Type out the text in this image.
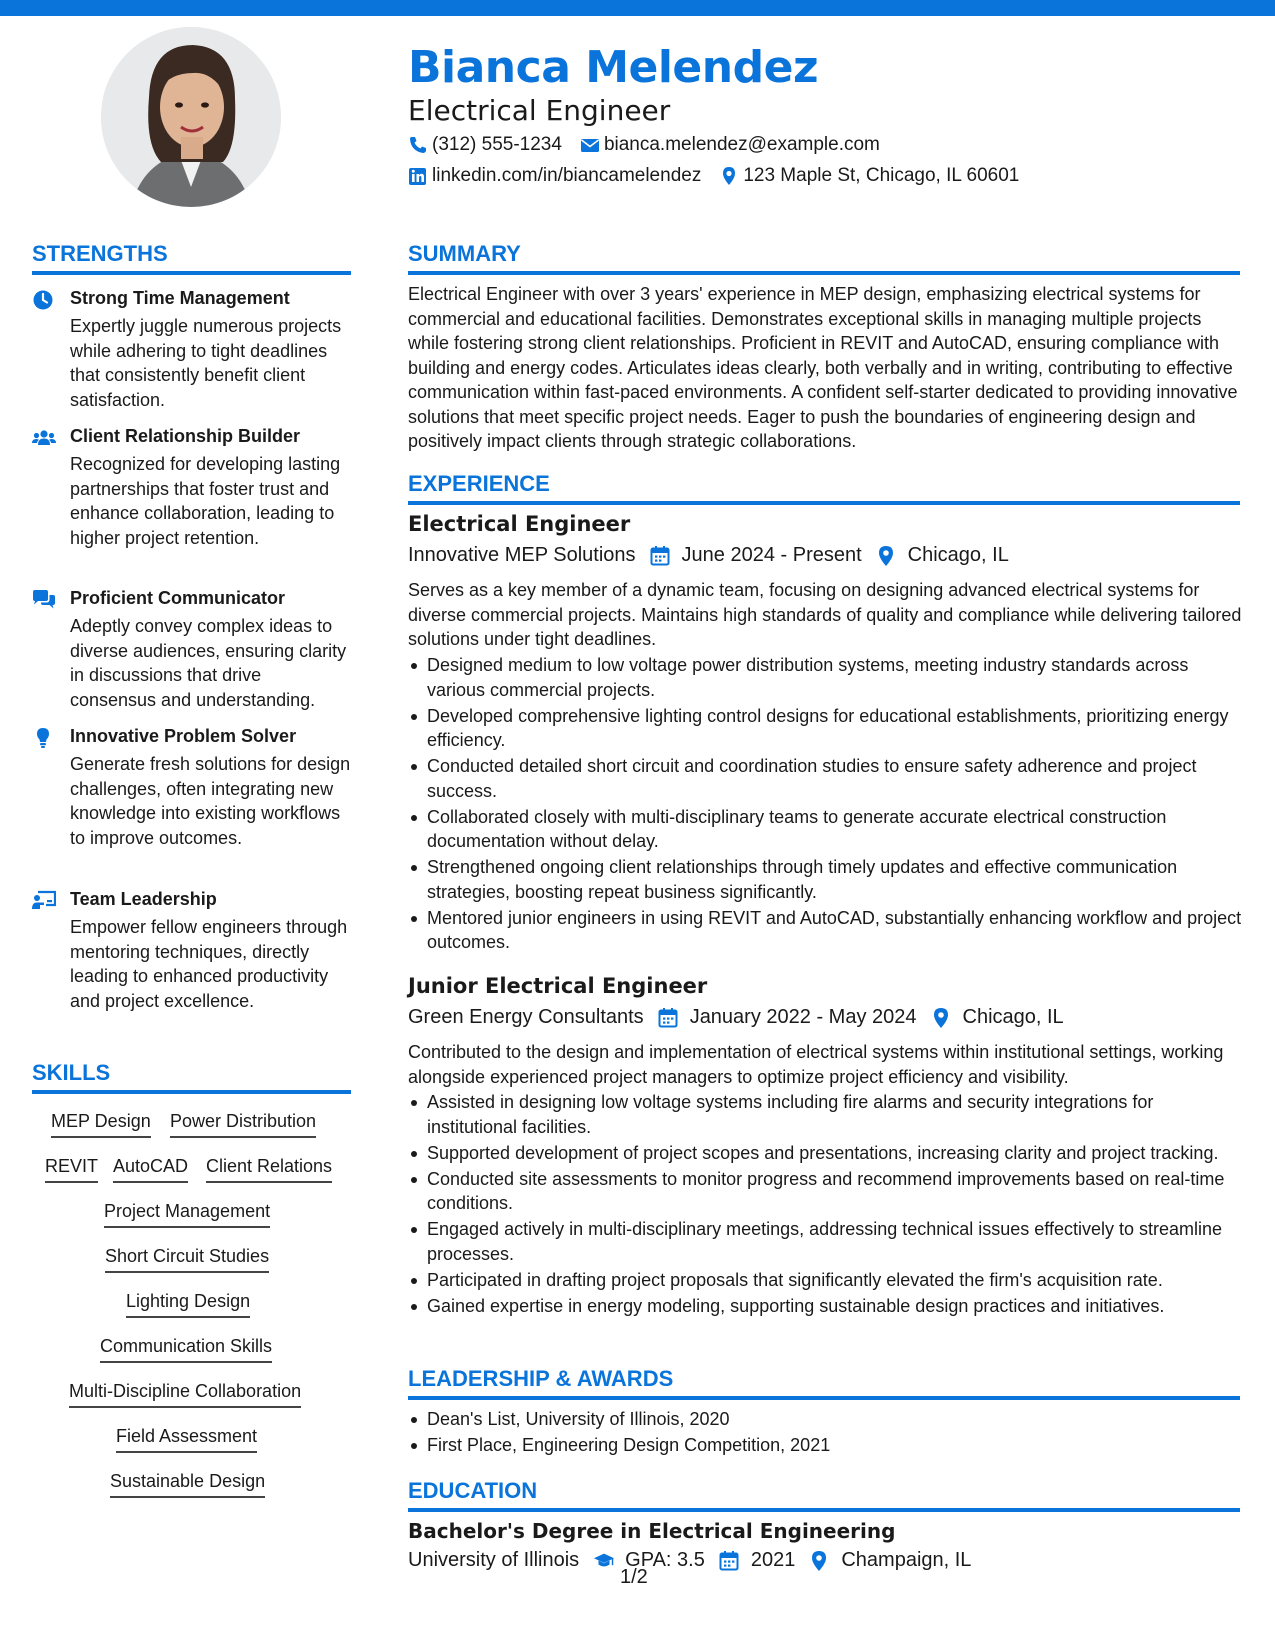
Bianca Melendez
Electrical Engineer
(312) 555-1234 bianca.melendez@example.com
linkedin.com/in/biancamelendez 123 Maple St, Chicago, IL 60601
STRENGTHS
Strong Time Management
Expertly juggle numerous projects while adhering to tight deadlines that consistently benefit client satisfaction.
Client Relationship Builder
Recognized for developing lasting partnerships that foster trust and enhance collaboration, leading to higher project retention.
Proficient Communicator
Adeptly convey complex ideas to diverse audiences, ensuring clarity in discussions that drive consensus and understanding.
Innovative Problem Solver
Generate fresh solutions for design challenges, often integrating new knowledge into existing workflows to improve outcomes.
Team Leadership
Empower fellow engineers through mentoring techniques, directly leading to enhanced productivity and project excellence.
SKILLS
MEP Design Power Distribution
REVIT AutoCAD Client Relations
Project Management
Short Circuit Studies
Lighting Design
Communication Skills
Multi-Discipline Collaboration
Field Assessment
Sustainable Design
SUMMARY
Electrical Engineer with over 3 years' experience in MEP design, emphasizing electrical systems for commercial and educational facilities. Demonstrates exceptional skills in managing multiple projects while fostering strong client relationships. Proficient in REVIT and AutoCAD, ensuring compliance with building and energy codes. Articulates ideas clearly, both verbally and in writing, contributing to effective communication within fast-paced environments. A confident self-starter dedicated to providing innovative solutions that meet specific project needs. Eager to push the boundaries of engineering design and positively impact clients through strategic collaborations.
EXPERIENCE
Electrical Engineer
Innovative MEP Solutions June 2024 - Present Chicago, IL
Serves as a key member of a dynamic team, focusing on designing advanced electrical systems for diverse commercial projects. Maintains high standards of quality and compliance while delivering tailored solutions under tight deadlines.
Designed medium to low voltage power distribution systems, meeting industry standards across various commercial projects.
Developed comprehensive lighting control designs for educational establishments, prioritizing energy efficiency.
Conducted detailed short circuit and coordination studies to ensure safety adherence and project success.
Collaborated closely with multi-disciplinary teams to generate accurate electrical construction documentation without delay.
Strengthened ongoing client relationships through timely updates and effective communication strategies, boosting repeat business significantly.
Mentored junior engineers in using REVIT and AutoCAD, substantially enhancing workflow and project outcomes.
Junior Electrical Engineer
Green Energy Consultants January 2022 - May 2024 Chicago, IL
Contributed to the design and implementation of electrical systems within institutional settings, working alongside experienced project managers to optimize project efficiency and visibility.
Assisted in designing low voltage systems including fire alarms and security integrations for institutional facilities.
Supported development of project scopes and presentations, increasing clarity and project tracking.
Conducted site assessments to monitor progress and recommend improvements based on real-time conditions.
Engaged actively in multi-disciplinary meetings, addressing technical issues effectively to streamline processes.
Participated in drafting project proposals that significantly elevated the firm's acquisition rate.
Gained expertise in energy modeling, supporting sustainable design practices and initiatives.
LEADERSHIP & AWARDS
Dean's List, University of Illinois, 2020
First Place, Engineering Design Competition, 2021
EDUCATION
Bachelor's Degree in Electrical Engineering
University of Illinois GPA: 3.5 2021 Champaign, IL
1/2
